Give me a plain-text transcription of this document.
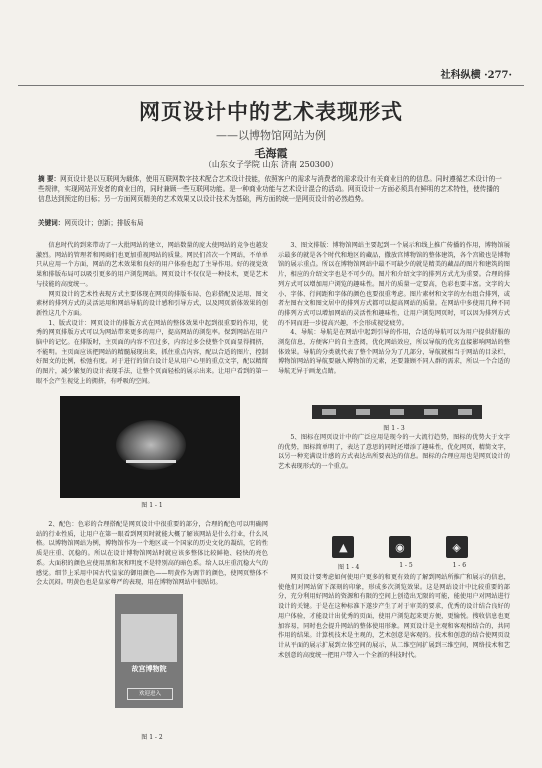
社科纵横 ·277·
网页设计中的艺术表现形式
——以博物馆网站为例
毛海霞
（山东女子学院 山东 济南 250300）
摘 要：网页设计是以互联网为载体，使用互联网数字技术配合艺术设计技能，依照客户的需求与消费者的需求设计有关商业目的的信息。同时遵循艺术设计的一些规律，实现网站开发者的商业目的，同时兼顾一些互联网功能。是一种商业功能与艺术设计混合的活动。网页设计一方面必须具有鲜明的艺术特性，使传播的信息达到预定的目标；另一方面网页精美的艺术效果又以设计技术为基础，两方面的统一是网页设计的必然趋势。
关键词：网页设计；创新；排版布局

信息时代的到来带动了一大批网站的建立，网站数量的庞大使网站的竞争也越发激烈。网站的管理者和网商们也更加重视网站的质量。网民们首次一个网站，不单单只从应用一个方面，网站的艺术效果和良好的用户体验也起了主导作用。好的视觉效果和排版布局可以吸引更多的用户浏览网站。网页设计不仅仅是一种技术，更是艺术与技能的高度统一。

网页设计的艺术性表现方式主要体现在网页的排版布局、色彩搭配及运用、图文素材的排列方式的灵活运用和网站导航的设计感和引导方式，以及网页新体效果的创新性这几个方面。

1、版式设计：网页设计的排版方式在网站的整体效果中起到很重要的作用，优秀的网页排版方式可以为网站带来更多的用户，提高网站的浏览率。保到网站在用户脑中的记忆。在排版时，主页面的内容不宜过多，内容过多会使整个页面显得拥挤，不能明。主页面应该把网站的精髓展现出来，抓住重点内容，配以合适的图片，控制好图文的比例，松弛有度。对于进行的留白设计是从用户心里的重点文字，配以精简的图片，减少繁复的设计表现手法，让整个页面轻松的展示出来。让用户看到的第一眼不会产生视觉上的拥挤，有呼吸的空间。

图 1 - 1

2、配色：色彩的合理搭配是网页设计中很重要的部分，合理的配色可以明确网站的行业性质，让用户在第一眼看到网页时就能大概了解该网站是什么行业，什么风格。以博物馆网站为例，博物馆作为一个地区或一个国家的历史文化的凝结，它的性质是庄重、沉稳的。所以在设计博物馆网站时就应该多整体比较鲜艳、轻快的亮色系。大面积的颜色应使用黑和灰和明度不是特别高的暗色系。给人以庄重沉稳大气的感觉。细节上采用中国古代皇家的御用颜色——明黄作为调节的颜色，使网页整体不会太沉闷。明黄色也是皇家尊严的表现，用在博物馆网站中很贴切。

故宫博物院
欢迎进入
图 1 - 2

3、图文排版：博物馆网站主要起到一个展示和线上推广传播的作用，博物馆展示最多的就是各个时代和地区的藏品，撒放宫博物馆的整体建筑，各个宫殿也是博物馆的展示重点。所以在博物馆网站中最不可缺少的就是精美的藏品的图片和建筑的图片，相应的介绍文字也是不可少的。图片和介绍文字的排列方式尤为重要。合理的排列方式可以增加用户浏览的趣味性。图片的质量一定要高，色彩也要丰富。文字的大小、字体、行间距和字体的颜色也要很重考虑。图片素材和文字的左右组合排列，或者左图右文和图文居中的排列方式都可以提高网站的质量。在网站中多使用几种不同的排列方式可以增加网站的灵活性和趣味性，让用户浏览网页时，可以因为排列方式的不同而进一步提高兴趣，不会形成视觉疲劳。

4、导航：导航是在网站中起到引导的作用，合适的导航可以为用户提供舒服的浏览信息，方便客户的自主查阅，优化网站效应，所以导航的优劣直接影响网站的整体效果。导航的分类就代表了整个网站分为了几部分，导航就相当于网站的目录栏，博物馆网站的导航要融入博物馆的元素，还要兼顾不同人群的需求，所以一个合适的导航无异于画龙点睛。

图 1 - 3

5、图标在网页设计中的广泛应用是现今的一大流行趋势，图标的优势大于文字的优势，图标简单明了，表达了意思的同时还增添了趣味性，优化网页，精简文字，以另一种充满设计感的方式表达出所要表达的信息。图标的合理应用也是网页设计的艺术表现形式的一个重点。

▲	◉	◈
图 1 - 4	1 - 5	1 - 6

网页设计要考虑如何使用户更多的和更有效的了解到网站所推广和展示的信息，使他们对网站留下深刻的印象，形成多次浏览效果。这是网站设计中比较重要的部分，充分利用好网站的资源和有限的空间上创造出无限的可能，能使用户对网站进行设计的关键。于是在这种标准下遂步产生了对于审美的要求，优秀的设计结合良好的用户体验，才能设计出优秀的页面，使用户浏览起来更方便，更愉悦。搜收信息也更加容易，同时也会提升网站的整体使用形象。网页设计是主观和客观相结合的，共同作用的结果。计算机技术是主观的，艺术创意是客观的。技术和创意的结合使网页设计从平面的展示扩展到立体空间的展示，从二维空间扩展到三维空间，网络技术和艺术创意的高度统一把用户带入一个全新的科技时代。
